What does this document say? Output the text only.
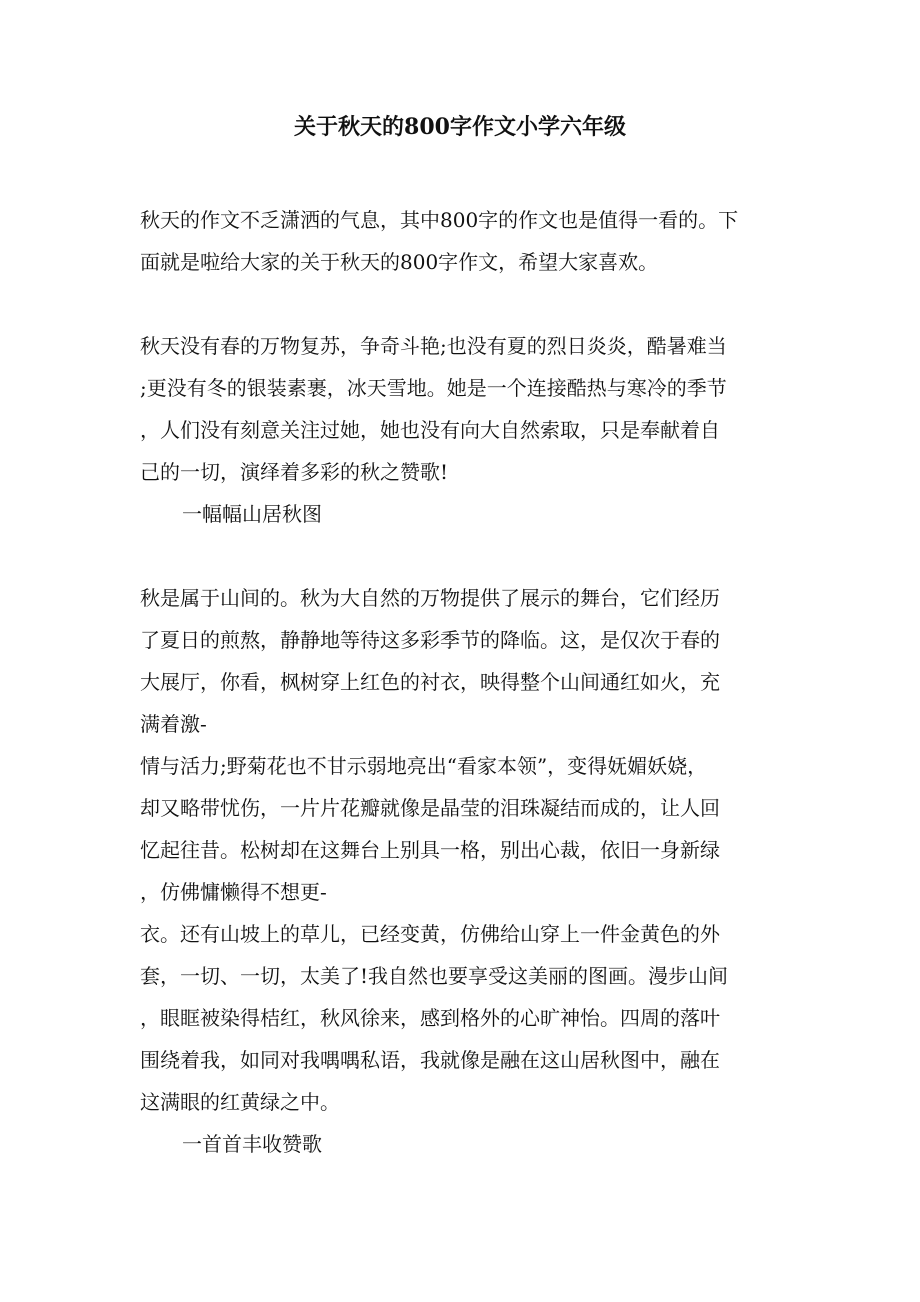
关于秋天的800字作文小学六年级
秋天的作文不乏潇洒的气息，其中800字的作文也是值得一看的。下
面就是啦给大家的关于秋天的800字作文，希望大家喜欢。
秋天没有春的万物复苏，争奇斗艳;也没有夏的烈日炎炎，酷暑难当
;更没有冬的银装素裹，冰天雪地。她是一个连接酷热与寒冷的季节
，人们没有刻意关注过她，她也没有向大自然索取，只是奉献着自
己的一切，演绎着多彩的秋之赞歌!
一幅幅山居秋图
秋是属于山间的。秋为大自然的万物提供了展示的舞台，它们经历
了夏日的煎熬，静静地等待这多彩季节的降临。这，是仅次于春的
大展厅，你看，枫树穿上红色的衬衣，映得整个山间通红如火，充
满着激-
情与活力;野菊花也不甘示弱地亮出“看家本领”，变得妩媚妖娆，
却又略带忧伤，一片片花瓣就像是晶莹的泪珠凝结而成的，让人回
忆起往昔。松树却在这舞台上别具一格，别出心裁，依旧一身新绿
，仿佛慵懒得不想更-
衣。还有山坡上的草儿，已经变黄，仿佛给山穿上一件金黄色的外
套，一切、一切，太美了!我自然也要享受这美丽的图画。漫步山间
，眼眶被染得桔红，秋风徐来，感到格外的心旷神怡。四周的落叶
围绕着我，如同对我喁喁私语，我就像是融在这山居秋图中，融在
这满眼的红黄绿之中。
一首首丰收赞歌
